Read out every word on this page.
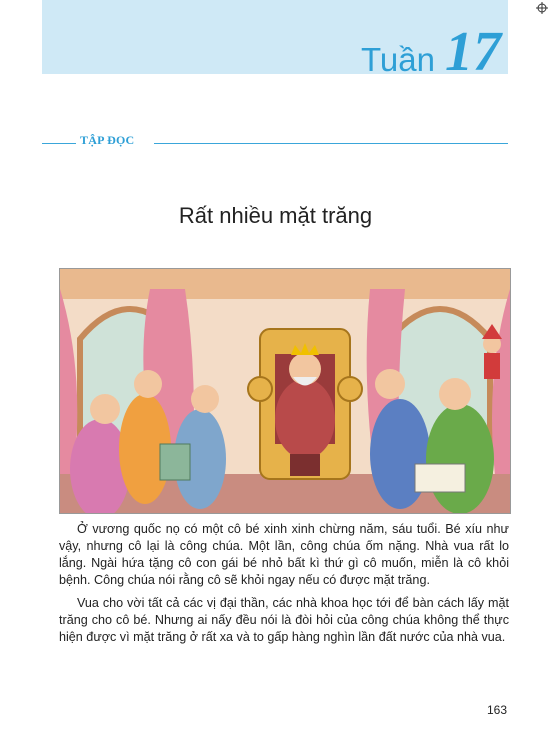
Tuần 17
TẬP ĐỌC
Rất nhiều mặt trăng

Ở vương quốc nọ có một cô bé xinh xinh chừng năm, sáu tuổi. Bé xíu như vậy, nhưng cô lại là công chúa. Một lần, công chúa ốm nặng. Nhà vua rất lo lắng. Ngài hứa tặng cô con gái bé nhỏ bất kì thứ gì cô muốn, miễn là cô khỏi bệnh. Công chúa nói rằng cô sẽ khỏi ngay nếu có được mặt trăng.

Vua cho vời tất cả các vị đại thần, các nhà khoa học tới để bàn cách lấy mặt trăng cho cô bé. Nhưng ai nấy đều nói là đòi hỏi của công chúa không thể thực hiện được vì mặt trăng ở rất xa và to gấp hàng nghìn lần đất nước của nhà vua.

163
